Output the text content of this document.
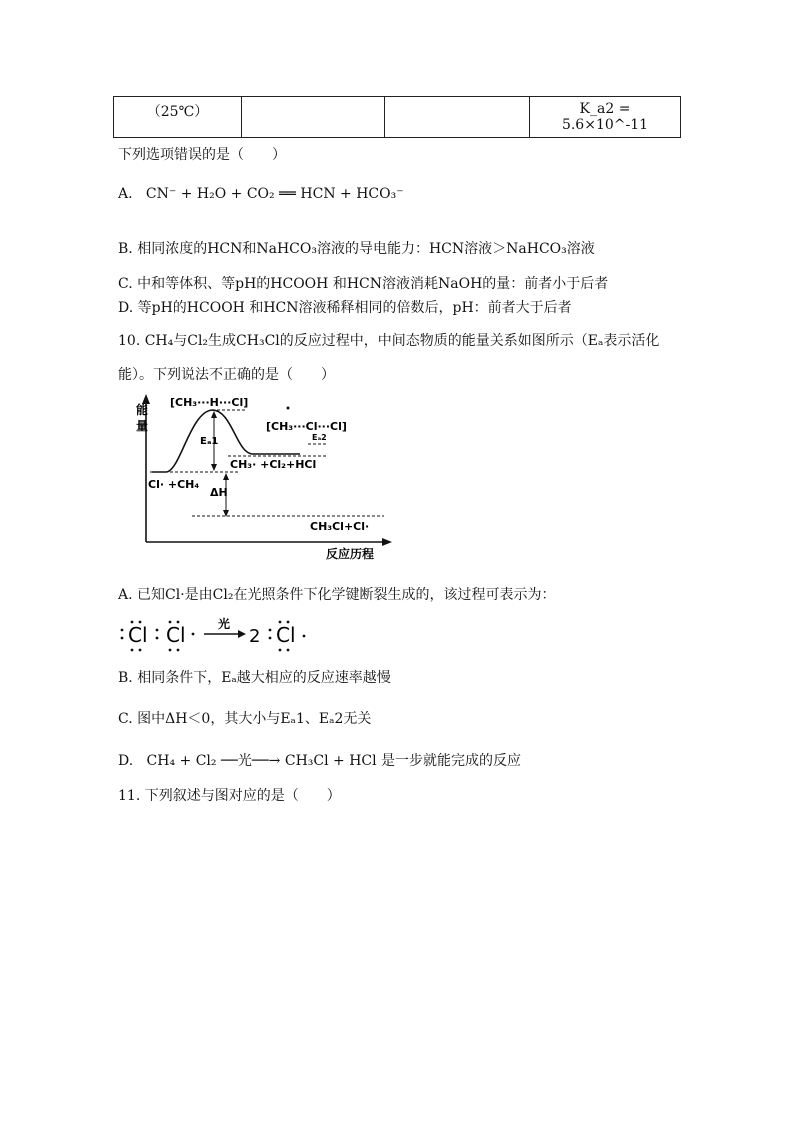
（25℃）			K_a2 = 5.6×10^-11
下列选项错误的是（　　）
A. CN⁻ + H₂O + CO₂ ══ HCN + HCO₃⁻
B. 相同浓度的HCN和NaHCO₃溶液的导电能力：HCN溶液＞NaHCO₃溶液
C. 中和等体积、等pH的HCOOH 和HCN溶液消耗NaOH的量：前者小于后者
D. 等pH的HCOOH 和HCN溶液稀释相同的倍数后，pH：前者大于后者
10. CH₄与Cl₂生成CH₃Cl的反应过程中，中间态物质的能量关系如图所示（Eₐ表示活化
能）。下列说法不正确的是（　　）
能
量
反应历程
Eₐ1
ΔH
Eₐ2
[CH₃···H···Cl]
[CH₃···Cl···Cl]
CH₃· +Cl₂+HCl
Cl· +CH₄
CH₃Cl+Cl·
A. 已知Cl·是由Cl₂在光照条件下化学键断裂生成的，该过程可表示为：
Cl Cl	光
2 Cl
B. 相同条件下，Eₐ越大相应的反应速率越慢
C. 图中ΔH＜0，其大小与Eₐ1、Eₐ2无关
D. CH₄ + Cl₂ ──光──→ CH₃Cl + HCl 是一步就能完成的反应
11. 下列叙述与图对应的是（　　）
